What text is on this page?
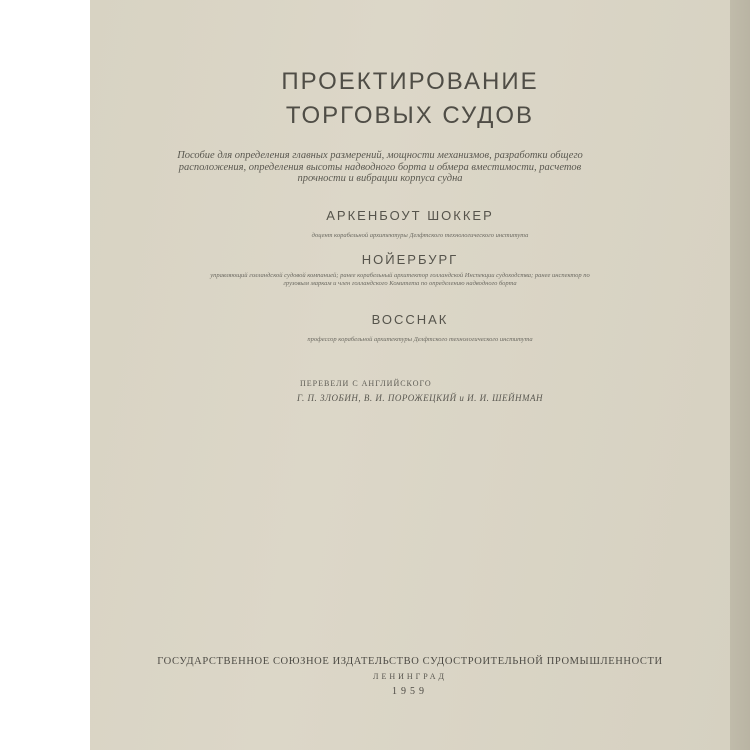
ПРОЕКТИРОВАНИЕ
ТОРГОВЫХ СУДОВ
Пособие для определения главных размерений, мощности механизмов, разработки общего расположения, определения высоты надводного борта и обмера вместимости, расчетов прочности и вибрации корпуса судна
АРКЕНБОУТ ШОККЕР
доцент корабельной архитектуры Делфтского технологического института
НОЙЕРБУРГ
управляющий голландской судовой компанией; ранее корабельный архитектор голландской Инспекции судоходства; ранее инспектор по грузовым маркам и член голландского Комитета по определению надводного борта
ВОССНАК
профессор корабельной архитектуры Делфтского технологического института
ПЕРЕВЕЛИ С АНГЛИЙСКОГО
Г. П. ЗЛОБИН, В. И. ПОРОЖЕЦКИЙ и И. И. ШЕЙНМАН
ГОСУДАРСТВЕННОЕ СОЮЗНОЕ ИЗДАТЕЛЬСТВО СУДОСТРОИТЕЛЬНОЙ ПРОМЫШЛЕННОСТИ
ЛЕНИНГРАД
1959
